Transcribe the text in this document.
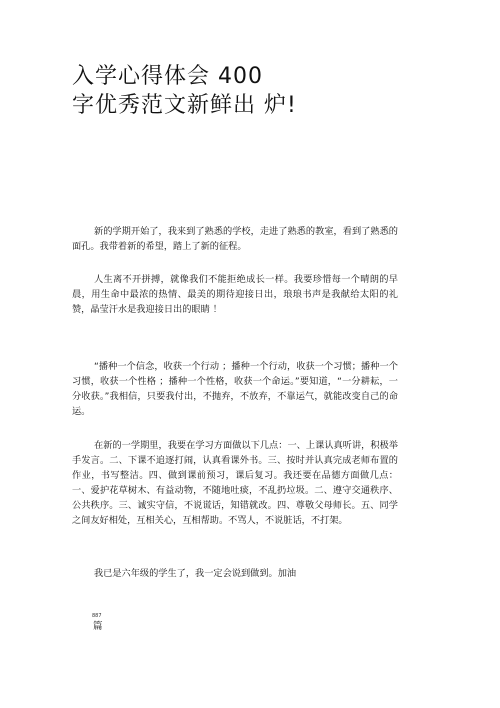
入学心得体会 400
字优秀范文新鲜出 炉!

新的学期开始了，我来到了熟悉的学校，走进了熟悉的教室，看到了熟悉的面孔。我带着新的希望，踏上了新的征程。

人生离不开拼搏，就像我们不能拒绝成长一样。我要珍惜每一个晴朗的早晨，用生命中最浓的热情、最美的期待迎接日出，琅琅书声是我献给太阳的礼赞，晶莹汗水是我迎接日出的眼睛 ！

“播种一个信念，收获一个行动 ；播种一个行动，收获一个习惯；播种一个习惯，收获一个性格 ；播种一个性格，收获一个命运。”要知道，“一分耕耘，一分收获。”我相信，只要我付出，不抛弃，不放弃，不靠运气，就能改变自己的命运。

在新的一学期里，我要在学习方面做以下几点：一、上课认真听讲，积极举手发言。二、下课不追逐打闹，认真看课外书。三、按时并认真完成老师布置的作业，书写整洁。四、做到课前预习，课后复习。我还要在品德方面做几点：一、爱护花草树木、有益动物，不随地吐痰，不乱扔垃圾。二、遵守交通秩序、公共秩序。三、诚实守信，不说谎话，知错就改。四、尊敬父母师长。五、同学之间友好相处，互相关心，互相帮助。不骂人，不说脏话，不打架。

我已是六年级的学生了，我一定会说到做到。加油

887
篇
